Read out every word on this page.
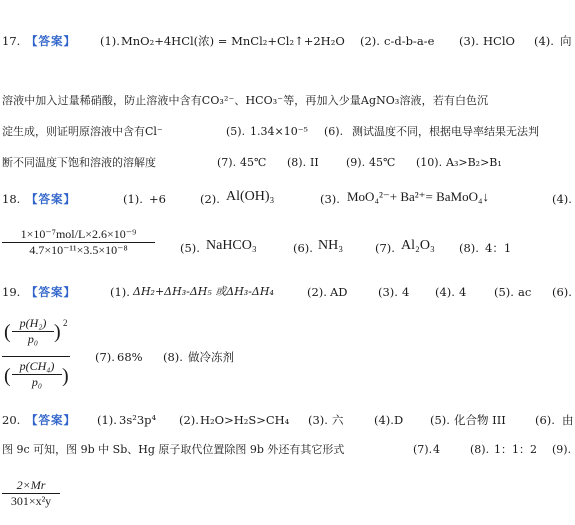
17. 【答案】 (1). MnO₂+4HCl(浓) = MnCl₂+Cl₂↑+2H₂O (2). c-d-b-a-e (3). HClO (4). 向
溶液中加入过量稀硝酸，防止溶液中含有CO₃²⁻、HCO₃⁻等，再加入少量AgNO₃溶液，若有白色沉
淀生成，则证明原溶液中含有Cl⁻	(5). 1.34×10⁻⁵ (6). 测试温度不同，根据电导率结果无法判
断不同温度下饱和溶液的溶解度	(7). 45℃ (8). II (9). 45℃ (10). A₃>B₂>B₁
18. 【答案】	(1). +6	(2). Al(OH)₃	(3). MoO₄²⁻+ Ba²⁺= BaMoO₄↓	(4).
1×10⁻⁷mol/L×2.6×10⁻⁹
4.7×10⁻¹¹×3.5×10⁻⁸	(5). NaHCO₃	(6). NH₃	(7). Al₂O₃ (8). 4：1
19. 【答案】	(1). ΔH₂+ΔH₃-ΔH₅ 或ΔH₃-ΔH₄	(2). AD	(3). 4 (4). 4 (5). ac (6).
( p(H₂)
p₀ ) 2
( p(CH₄)
p₀ )
(7). 68% (8). 做冷冻剂
20. 【答案】 (1). 3s²3p⁴ (2). H₂O>H₂S>CH₄ (3). 六	(4). D (5). 化合物 III	(6). 由
图 9c 可知，图 9b 中 Sb、Hg 原子取代位置除图 9b 外还有其它形式	(7). 4	(8). 1：1：2 (9).
2×Mr
301×x²y
